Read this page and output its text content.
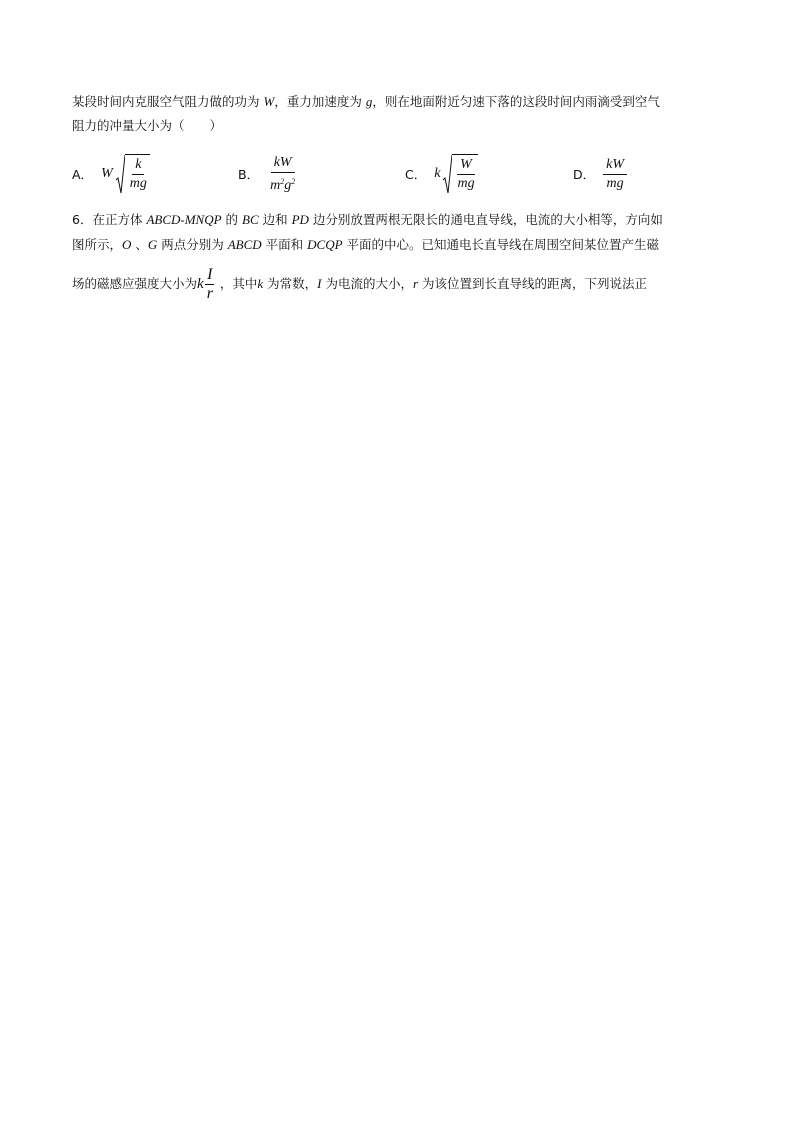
某段时间内克服空气阻力做的功为 W，重力加速度为 g，则在地面附近匀速下落的这段时间内雨滴受到空气
阻力的冲量大小为（　　）
A． W $\frac{k}{mg}$	B． $\frac{kW}{m^2g^2}$	C． k $\frac{W}{mg}$	D． $\frac{kW}{mg}$
6．在正方体 ABCD-MNQP 的 BC 边和 PD 边分别放置两根无限长的通电直导线，电流的大小相等，方向如
图所示，O 、G 两点分别为 ABCD 平面和 DCQP 平面的中心。已知通电长直导线在周围空间某位置产生磁
场的磁感应强度大小为k $\frac{I}{r}$ ，其中k 为常数，I 为电流的大小，r 为该位置到长直导线的距离，下列说法正
